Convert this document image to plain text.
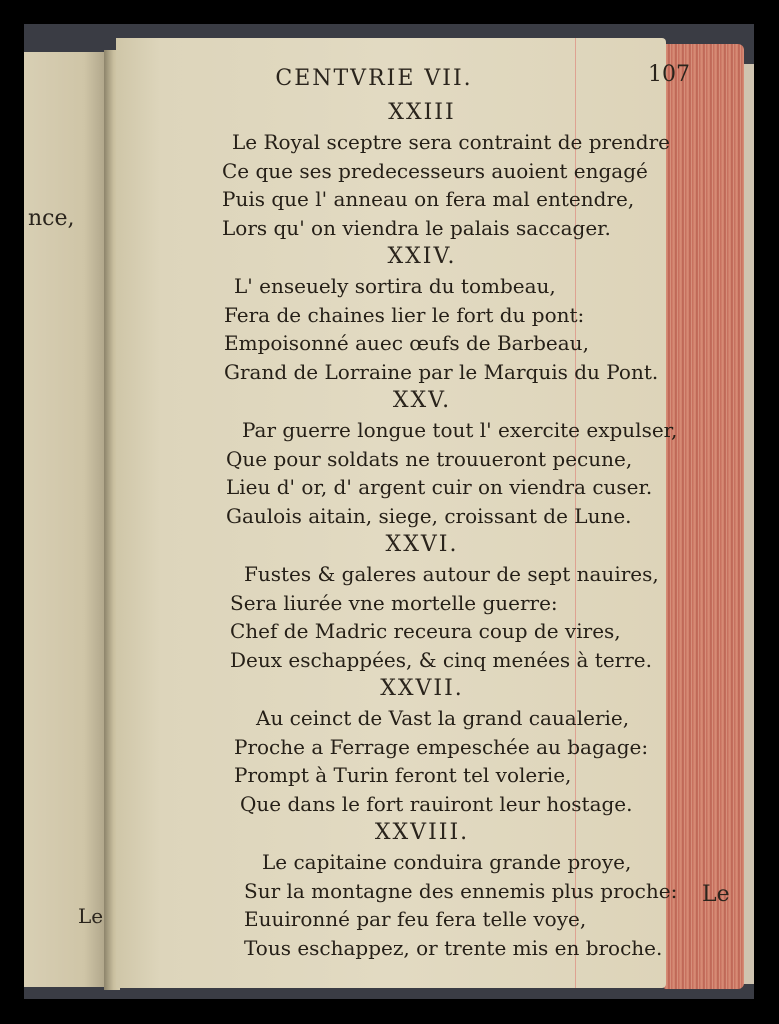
nce,
Le
CENTVRIE VII.	107
XXIII
Le Royal sceptre sera contraint de prendre
Ce que ses predecesseurs auoient engagé
Puis que l' anneau on fera mal entendre,
Lors qu' on viendra le palais saccager.
XXIV.
L' enseuely sortira du tombeau,
Fera de chaines lier le fort du pont:
Empoisonné auec œufs de Barbeau,
Grand de Lorraine par le Marquis du Pont.
XXV.
Par guerre longue tout l' exercite expulser,
Que pour soldats ne trouueront pecune,
Lieu d' or, d' argent cuir on viendra cuser.
Gaulois aitain, siege, croissant de Lune.
XXVI.
Fustes & galeres autour de sept nauires,
Sera liurée vne mortelle guerre:
Chef de Madric receura coup de vires,
Deux eschappées, & cinq menées à terre.
XXVII.
Au ceinct de Vast la grand caualerie,
Proche a Ferrage empeschée au bagage:
Prompt à Turin feront tel volerie,
Que dans le fort rauiront leur hostage.
XXVIII.
Le capitaine conduira grande proye,
Sur la montagne des ennemis plus proche:
Euuironné par feu fera telle voye,
Tous eschappez, or trente mis en broche.
Le
